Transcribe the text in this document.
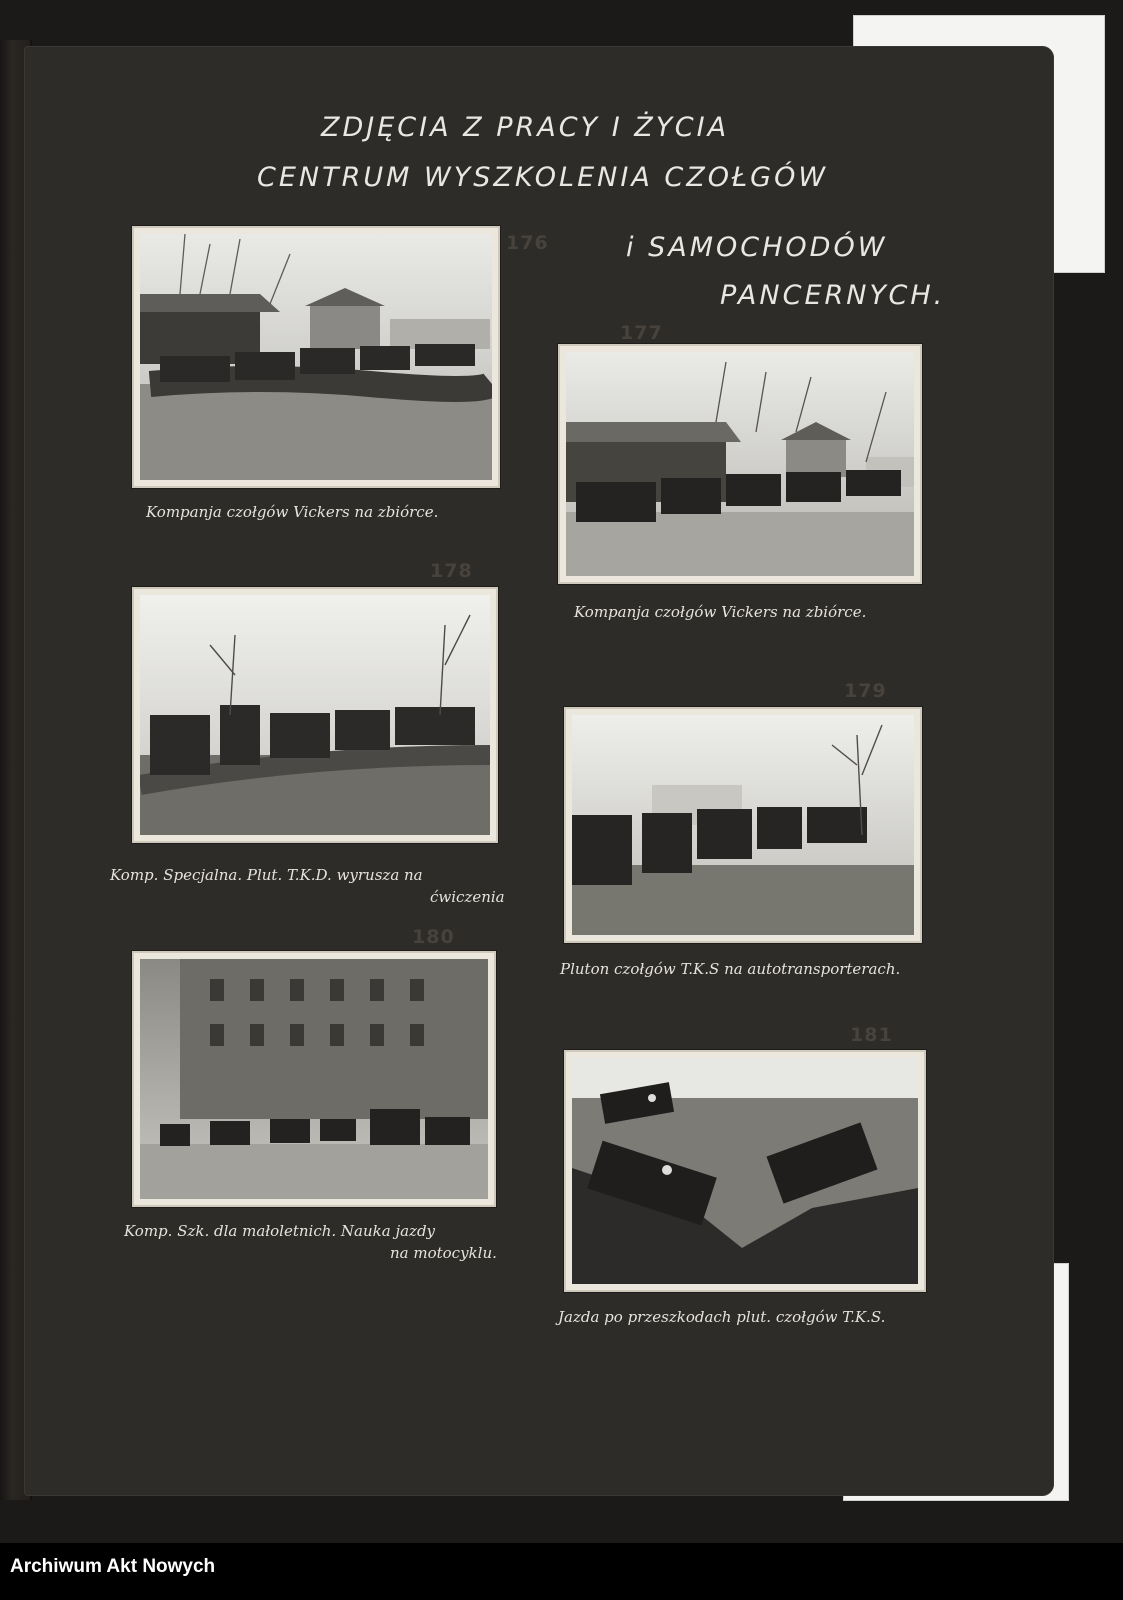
ZDJĘCIA Z PRACY I ŻYCIA
CENTRUM WYSZKOLENIA CZOŁGÓW
i SAMOCHODÓW
PANCERNYCH.
176
Kompanja czołgów Vickers na zbiórce.
177
Kompanja czołgów Vickers na zbiórce.
178
Komp. Specjalna. Plut. T.K.D. wyrusza na
ćwiczenia
179
Pluton czołgów T.K.S na autotransporterach.
180
Komp. Szk. dla małoletnich. Nauka jazdy
na motocyklu.
181
Jazda po przeszkodach plut. czołgów T.K.S.
Archiwum Akt Nowych
